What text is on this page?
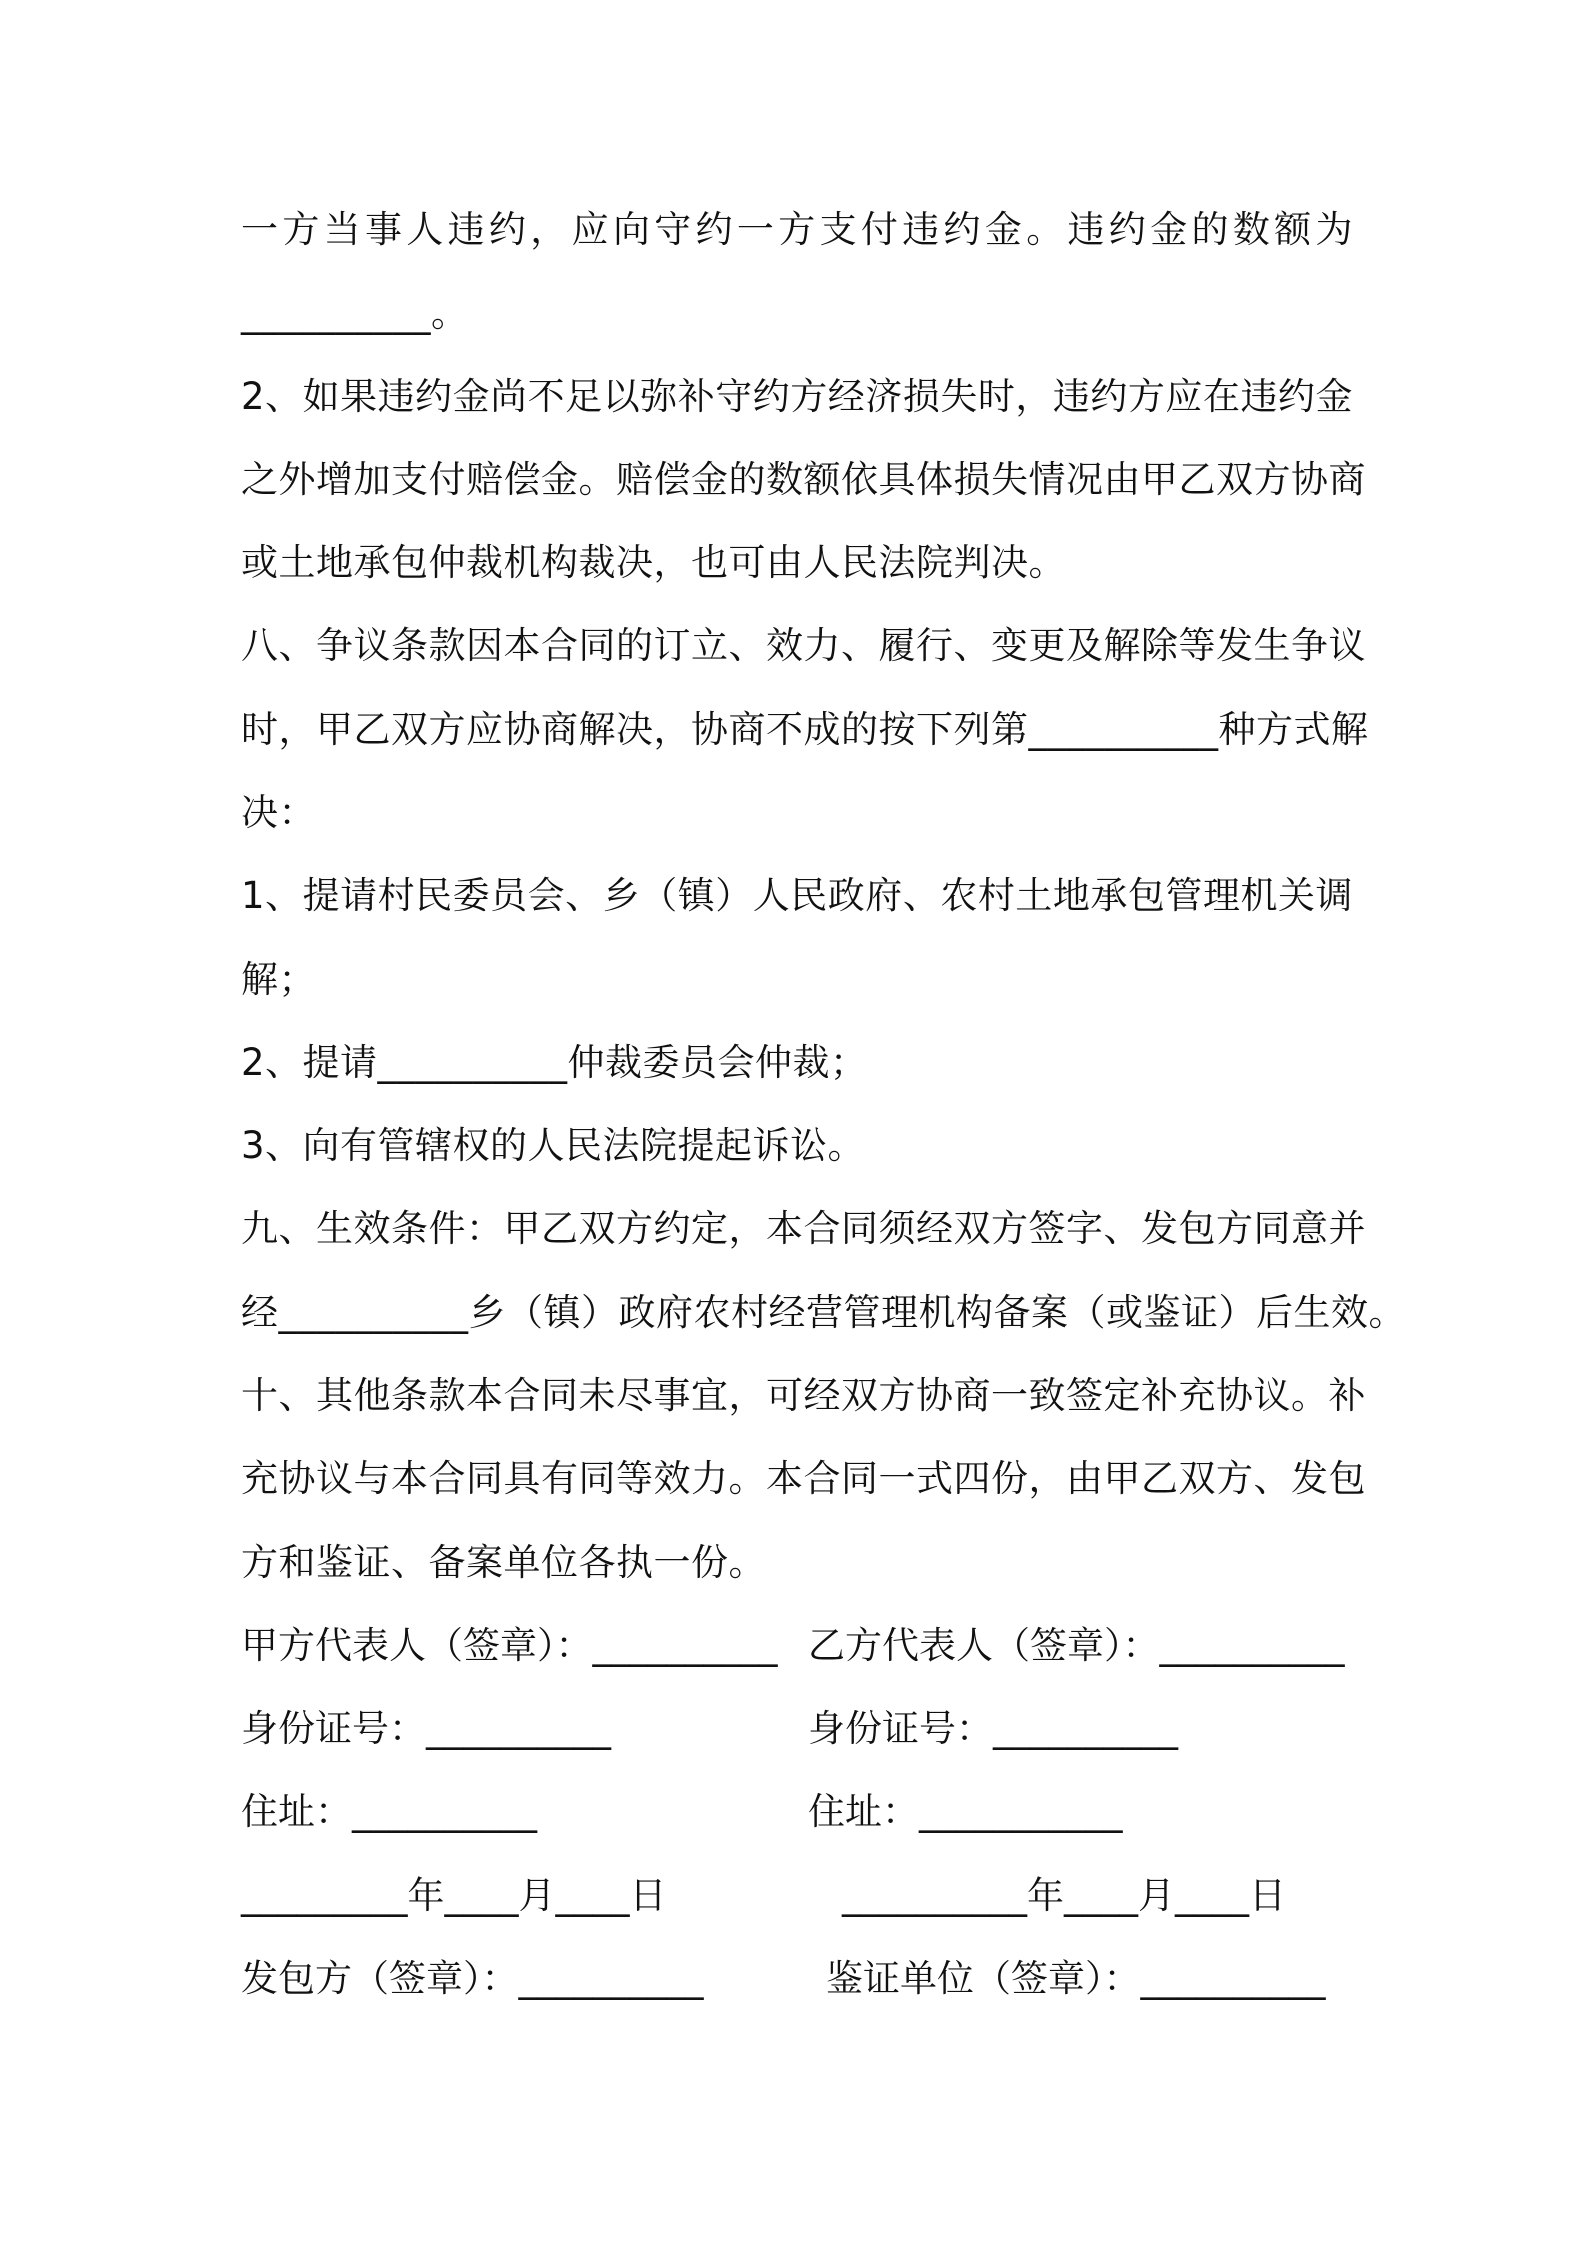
一方当事人违约，应向守约一方支付违约金。违约金的数额为
__________。
2、如果违约金尚不足以弥补守约方经济损失时，违约方应在违约金
之外增加支付赔偿金。赔偿金的数额依具体损失情况由甲乙双方协商
或土地承包仲裁机构裁决，也可由人民法院判决。
八、争议条款因本合同的订立、效力、履行、变更及解除等发生争议
时，甲乙双方应协商解决，协商不成的按下列第__________种方式解
决：
1、提请村民委员会、乡（镇）人民政府、农村土地承包管理机关调
解；
2、提请__________仲裁委员会仲裁；
3、向有管辖权的人民法院提起诉讼。
九、生效条件：甲乙双方约定，本合同须经双方签字、发包方同意并
经__________乡（镇）政府农村经营管理机构备案（或鉴证）后生效。
十、其他条款本合同未尽事宜，可经双方协商一致签定补充协议。补
充协议与本合同具有同等效力。本合同一式四份，由甲乙双方、发包
方和鉴证、备案单位各执一份。
甲方代表人（签章）：__________ 乙方代表人（签章）：__________
身份证号：__________	身份证号：__________
住址：__________	住址：___________
_________年____月____日	__________年____月____日
发包方（签章）：__________	鉴证单位（签章）：__________
